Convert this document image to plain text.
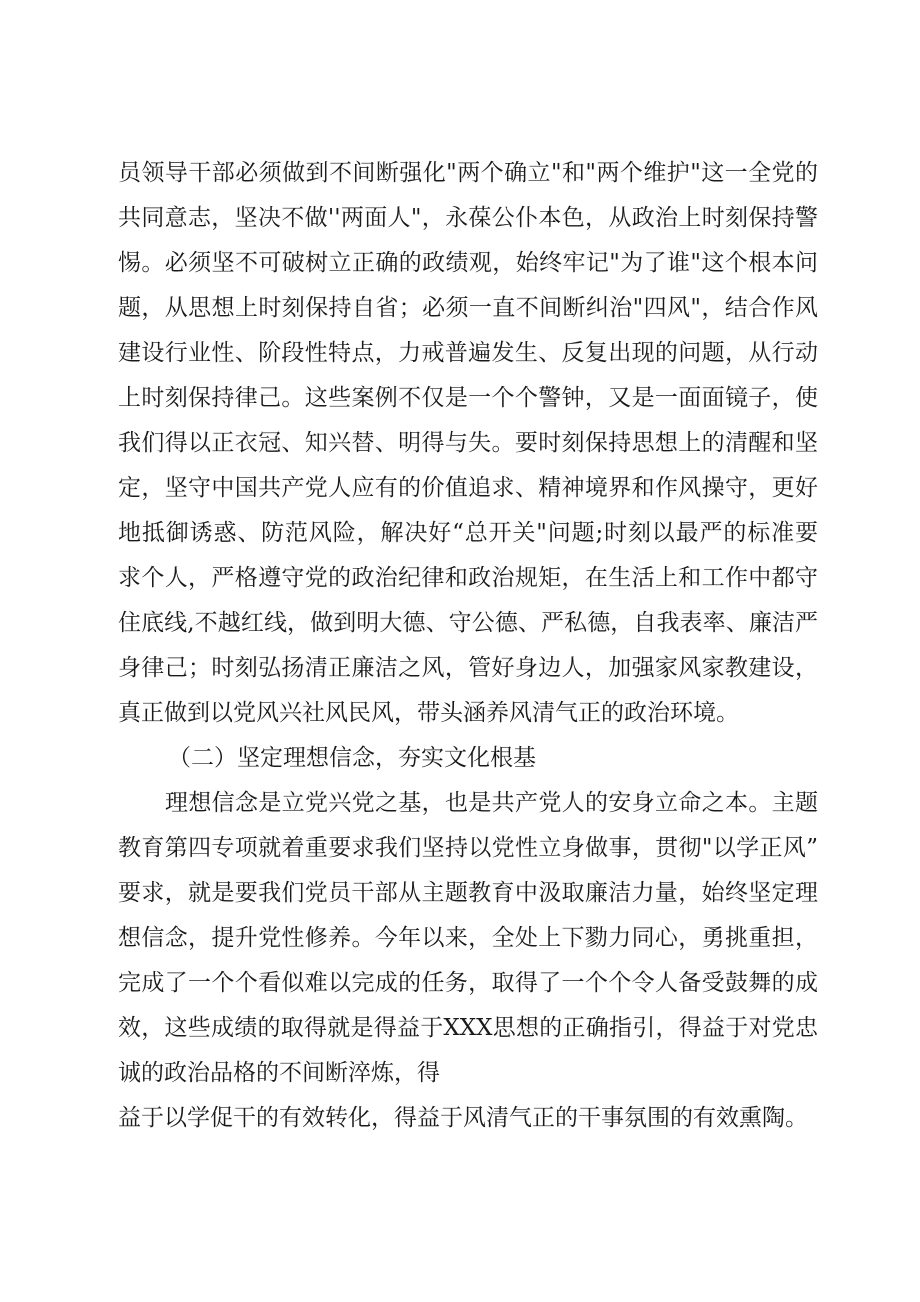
员领导干部必须做到不间断强化"两个确立"和"两个维护"这一全党的
共同意志，坚决不做''两面人"，永葆公仆本色，从政治上时刻保持警
惕。必须坚不可破树立正确的政绩观，始终牢记"为了谁"这个根本问
题，从思想上时刻保持自省；必须一直不间断纠治"四风"，结合作风
建设行业性、阶段性特点，力戒普遍发生、反复出现的问题，从行动
上时刻保持律己。这些案例不仅是一个个警钟，又是一面面镜子，使
我们得以正衣冠、知兴替、明得与失。要时刻保持思想上的清醒和坚
定，坚守中国共产党人应有的价值追求、精神境界和作风操守，更好
地抵御诱惑、防范风险，解决好“总开关"问题;时刻以最严的标准要
求个人，严格遵守党的政治纪律和政治规矩，在生活上和工作中都守
住底线,不越红线，做到明大德、守公德、严私德，自我表率、廉洁严
身律己；时刻弘扬清正廉洁之风，管好身边人，加强家风家教建设，
真正做到以党风兴社风民风，带头涵养风清气正的政治环境。
（二）坚定理想信念，夯实文化根基
理想信念是立党兴党之基，也是共产党人的安身立命之本。主题
教育第四专项就着重要求我们坚持以党性立身做事，贯彻"以学正风”
要求，就是要我们党员干部从主题教育中汲取廉洁力量，始终坚定理
想信念，提升党性修养。今年以来，全处上下勠力同心，勇挑重担，
完成了一个个看似难以完成的任务，取得了一个个令人备受鼓舞的成
效，这些成绩的取得就是得益于XXX思想的正确指引，得益于对党忠
诚的政治品格的不间断淬炼，得
益于以学促干的有效转化，得益于风清气正的干事氛围的有效熏陶。
